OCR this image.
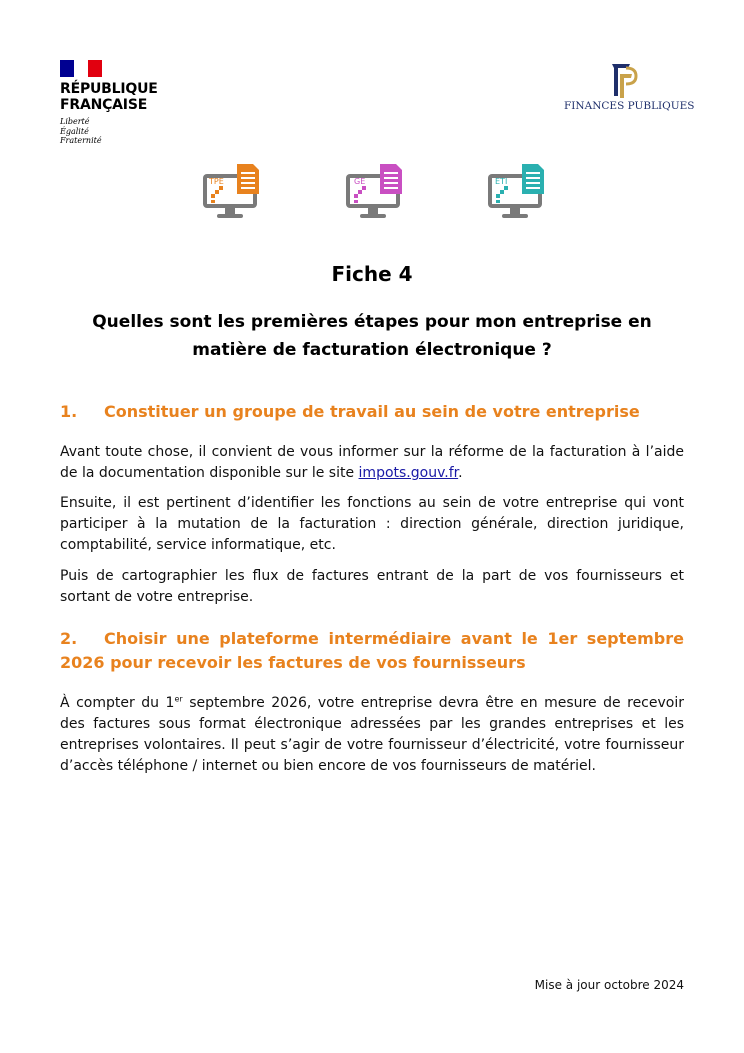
RÉPUBLIQUE
FRANÇAISE
Liberté
Égalité
Fraternité
FINANCES PUBLIQUES
TPE	GE	ETI
Fiche 4
Quelles sont les premières étapes pour mon entreprise en matière de facturation électronique ?
1. Constituer un groupe de travail au sein de votre entreprise
Avant toute chose, il convient de vous informer sur la réforme de la facturation à l’aide de la documentation disponible sur le site impots.gouv.fr.
Ensuite, il est pertinent d’identifier les fonctions au sein de votre entreprise qui vont participer à la mutation de la facturation : direction générale, direction juridique, comptabilité, service informatique, etc.
Puis de cartographier les flux de factures entrant de la part de vos fournisseurs et sortant de votre entreprise.
2. Choisir une plateforme intermédiaire avant le 1er septembre 2026 pour recevoir les factures de vos fournisseurs
À compter du 1er septembre 2026, votre entreprise devra être en mesure de recevoir des factures sous format électronique adressées par les grandes entreprises et les entreprises volontaires. Il peut s’agir de votre fournisseur d’électricité, votre fournisseur d’accès téléphone / internet ou bien encore de vos fournisseurs de matériel.
Mise à jour octobre 2024
